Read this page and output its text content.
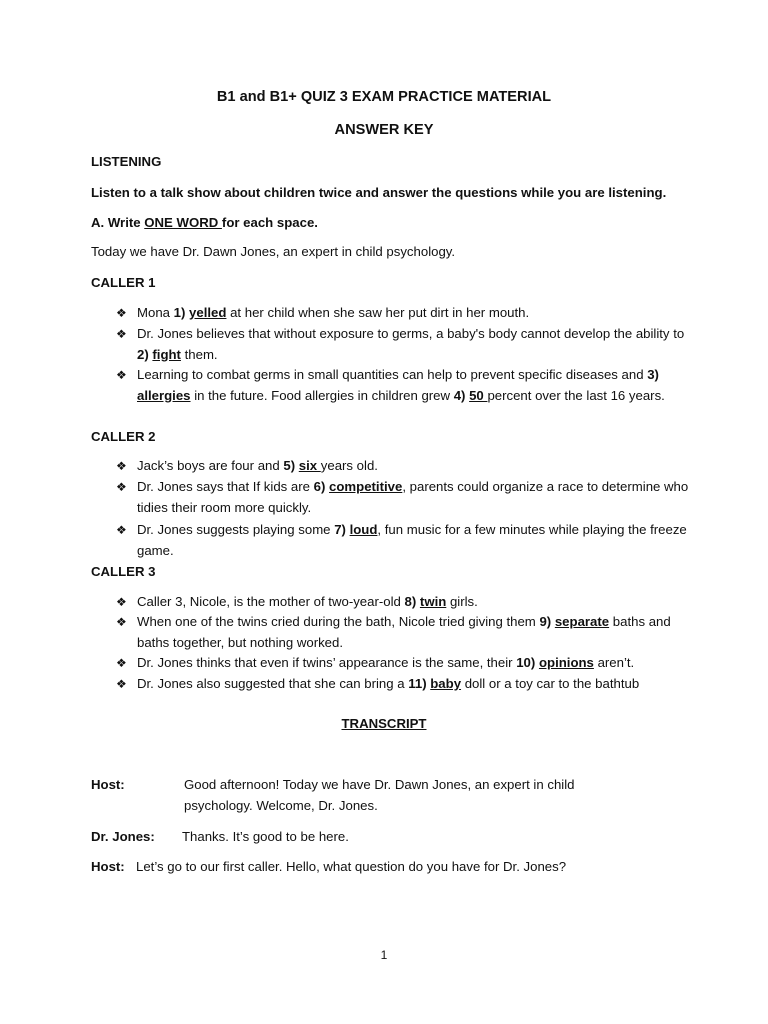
B1 and B1+ QUIZ 3 EXAM PRACTICE MATERIAL
ANSWER KEY
LISTENING
Listen to a talk show about children twice and answer the questions while you are listening.
A. Write ONE WORD for each space.
Today we have Dr. Dawn Jones, an expert in child psychology.
CALLER 1
❖ Mona 1) yelled at her child when she saw her put dirt in her mouth.
❖ Dr. Jones believes that without exposure to germs, a baby's body cannot develop the ability to 2) fight them.
❖ Learning to combat germs in small quantities can help to prevent specific diseases and 3) allergies in the future. Food allergies in children grew 4) 50 percent over the last 16 years.
CALLER 2
❖ Jack’s boys are four and 5) six years old.
❖ Dr. Jones says that If kids are 6) competitive, parents could organize a race to determine who tidies their room more quickly.
❖ Dr. Jones suggests playing some 7) loud, fun music for a few minutes while playing the freeze game.
CALLER 3
❖ Caller 3, Nicole, is the mother of two-year-old 8) twin girls.
❖ When one of the twins cried during the bath, Nicole tried giving them 9) separate baths and baths together, but nothing worked.
❖ Dr. Jones thinks that even if twins’ appearance is the same, their 10) opinions aren’t.
❖ Dr. Jones also suggested that she can bring a 11) baby doll or a toy car to the bathtub
TRANSCRIPT
Host:	Good afternoon! Today we have Dr. Dawn Jones, an expert in child psychology. Welcome, Dr. Jones.
Dr. Jones: Thanks. It’s good to be here.
Host: Let’s go to our first caller. Hello, what question do you have for Dr. Jones?
1
